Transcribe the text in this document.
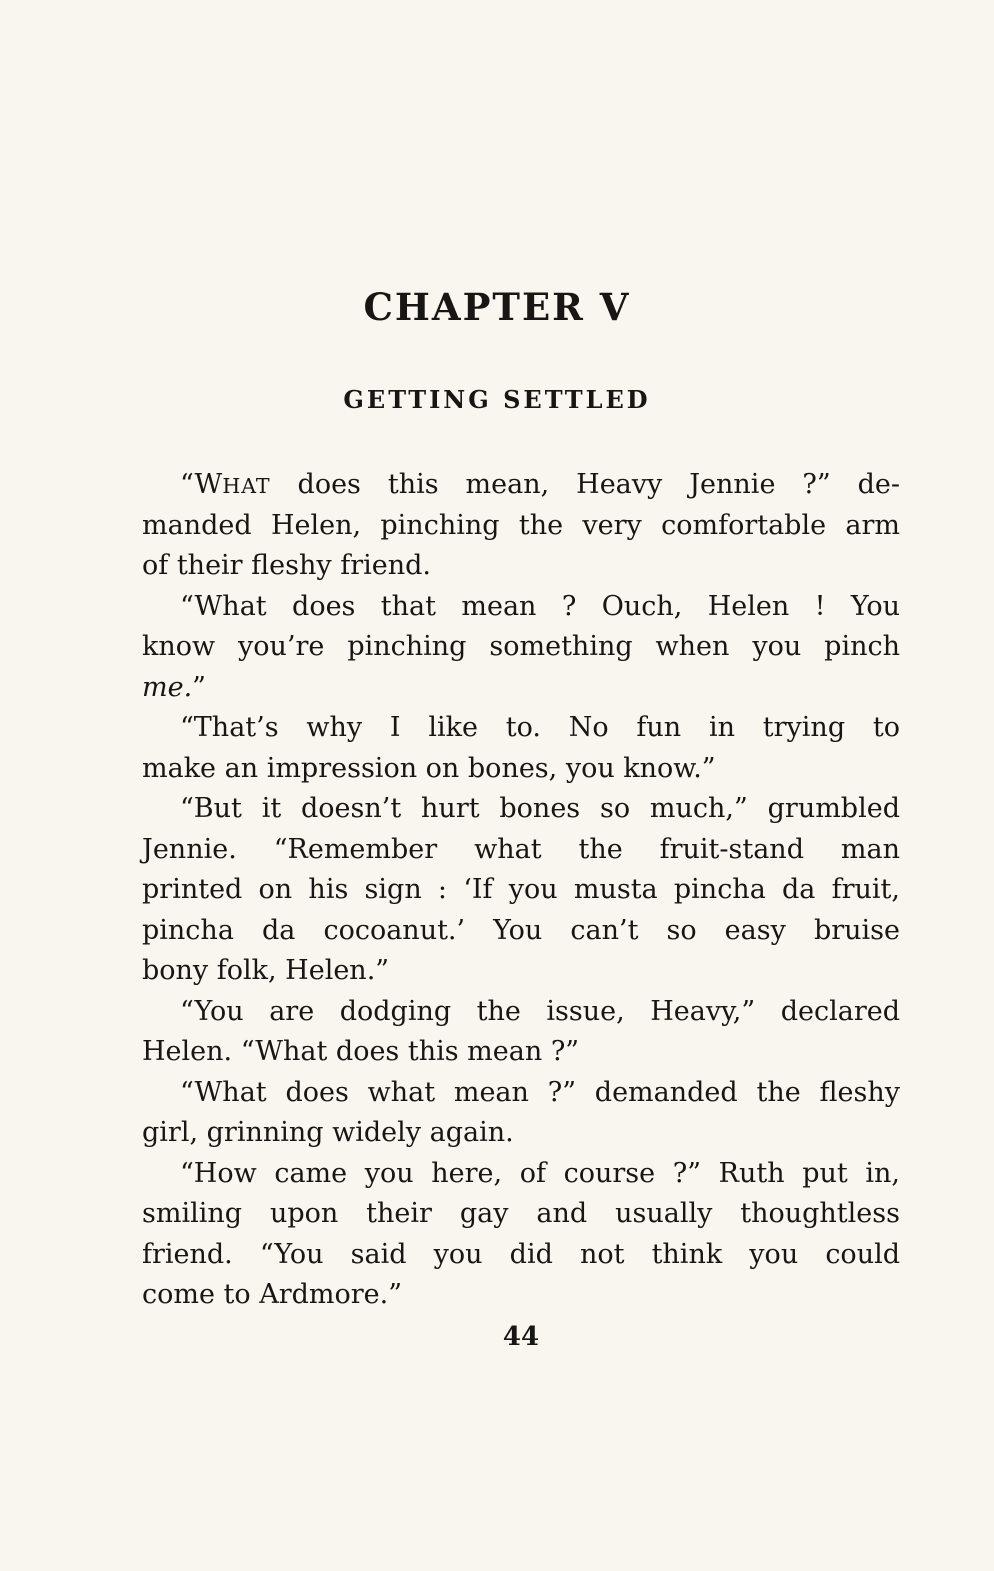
CHAPTER V
GETTING SETTLED
“WHAT does this mean, Heavy Jennie ?” de-
manded Helen, pinching the very comfortable arm
of their fleshy friend.
“What does that mean ? Ouch, Helen ! You
know you’re pinching something when you pinch
me.”
“That’s why I like to. No fun in trying to
make an impression on bones, you know.”
“But it doesn’t hurt bones so much,” grumbled
Jennie. “Remember what the fruit-stand man
printed on his sign : ‘If you musta pincha da fruit,
pincha da cocoanut.’ You can’t so easy bruise
bony folk, Helen.”
“You are dodging the issue, Heavy,” declared
Helen. “What does this mean ?”
“What does what mean ?” demanded the fleshy
girl, grinning widely again.
“How came you here, of course ?” Ruth put in,
smiling upon their gay and usually thoughtless
friend. “You said you did not think you could
come to Ardmore.”
44
